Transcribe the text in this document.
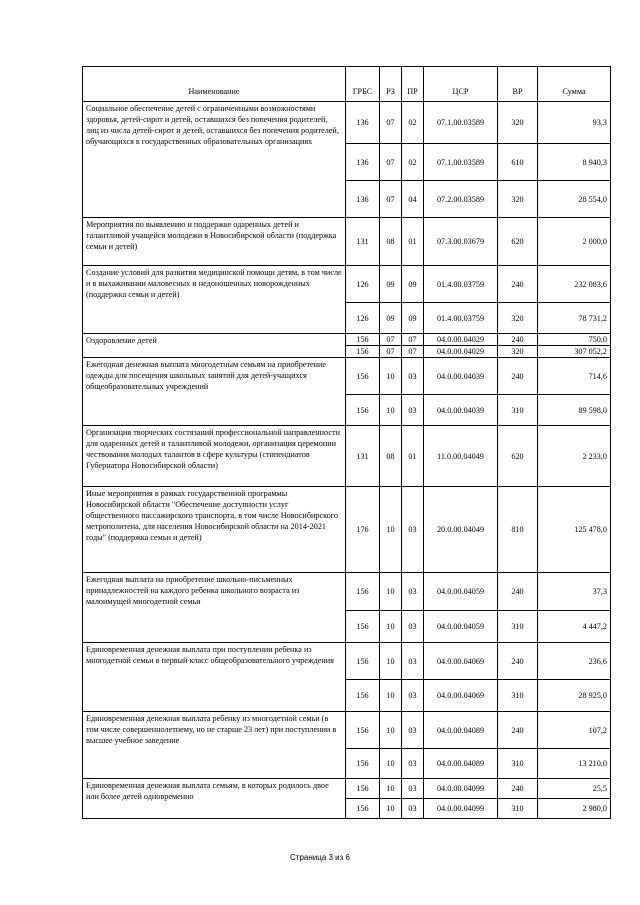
Наименование	ГРБС	РЗ	ПР	ЦСР	ВР	Сумма
Социальное обеспечение детей с ограниченными возможностями здоровья, детей-сирот и детей, оставшихся без попечения родителей, лиц из числа детей-сирот и детей, оставшихся без попечения родителей, обучающихся в государственных образовательных организациях	136	07	02	07.1.00.03589	320	93,3
	136	07	02	07.1.00.03589	610	8 940,3
	136	07	04	07.2.00.03589	320	28 554,0
Мероприятия по выявлению и поддержке одаренных детей и талантливой учащейся молодежи в Новосибирской области (поддержка семьи и детей)	131	08	01	07.3.00.03679	620	2 000,0
Создание условий для развития медицинской помощи детям, в том числе и в выхаживании маловесных и недоношенных новорожденных (поддержка семьи и детей)	126	09	09	01.4.00.03759	240	232 083,6
	126	09	09	01.4.00.03759	320	78 731,2
Оздоровление детей	156	07	07	04.0.00.04029	240	750,0
	156	07	07	04.0.00.04029	320	307 052,2
Ежегодная денежная выплата многодетным семьям на приобретение одежды для посещения школьных занятий для детей-учащихся общеобразовательных учреждений	156	10	03	04.0.00.04039	240	714,6
	156	10	03	04.0.00.04039	310	89 598,0
Организация творческих состязаний профессиональной направленности для одаренных детей и талантливой молодежи, организация церемонии чествования молодых талантов в сфере культуры (стипендиатов Губернатора Новосибирской области)	131	08	01	11.0.00.04049	620	2 233,0
Иные мероприятия в рамках государственной программы Новосибирской области "Обеспечение доступности услуг общественного пассажирского транспорта, в том числе Новосибирского метрополитена, для населения Новосибирской области на 2014-2021 годы" (поддержка семьи и детей)	176	10	03	20.0.00.04049	810	125 478,0
Ежегодная выплата на приобретение школьно-письменных принадлежностей на каждого ребенка школьного возраста из малоимущей многодетной семьи	156	10	03	04.0.00.04059	240	37,3
	156	10	03	04.0.00.04059	310	4 447,2
Единовременная денежная выплата при поступлении ребенка из многодетной семьи в первый класс общеобразовательного учреждения	156	10	03	04.0.00.04069	240	236,6
	156	10	03	04.0.00.04069	310	28 925,0
Единовременная денежная выплата ребенку из многодетной семьи (в том числе совершеннолетнему, но не старше 23 лет) при поступлении в высшее учебное заведение	156	10	03	04.0.00.04089	240	107,2
	156	10	03	04.0.00.04089	310	13 210,0
Единовременная денежная выплата семьям, в которых родилось двое или более детей одновременно	156	10	03	04.0.00.04099	240	25,5
	156	10	03	04.0.00.04099	310	2 980,0
Страница 3 из 6
